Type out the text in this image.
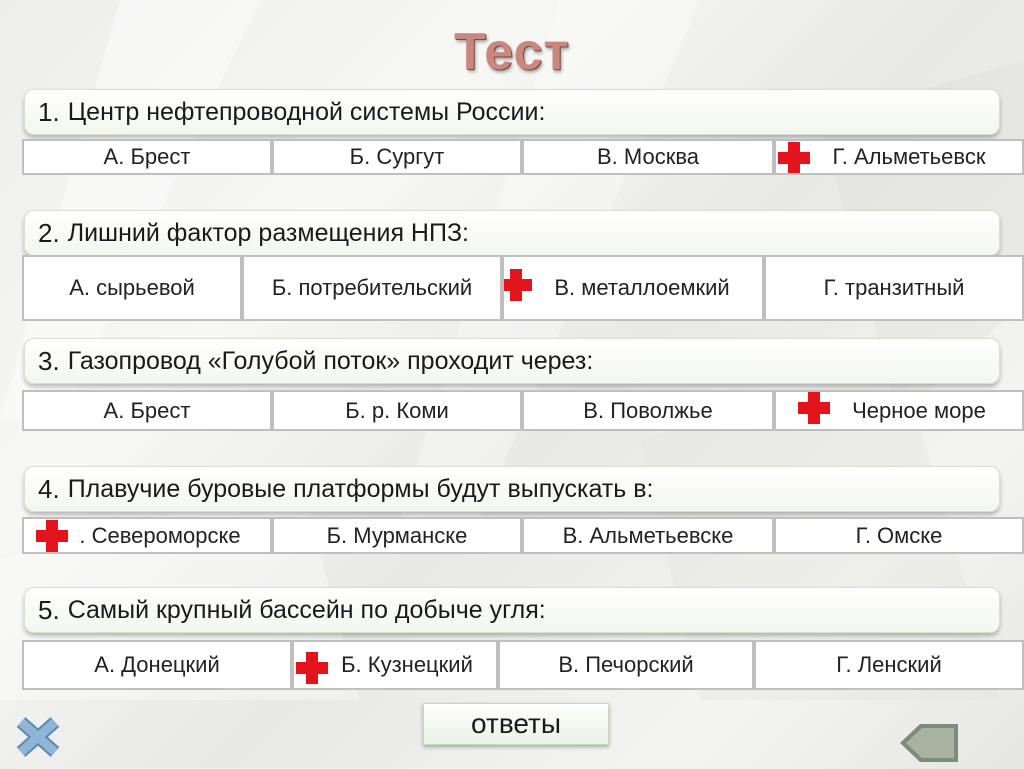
Тест
1. Центр нефтепроводной системы России:
А. Брест	Б. Сургут	В. Москва	Г. Альметьевск
2. Лишний фактор размещения НПЗ:
А. сырьевой	Б. потребительский	В. металлоемкий	Г. транзитный
3. Газопровод «Голубой поток» проходит через:
А. Брест	Б. р. Коми	В. Поволжье	Черное море
4. Плавучие буровые платформы будут выпускать в:
. Североморске	Б. Мурманске	В. Альметьевске	Г. Омске
5. Самый крупный бассейн по добыче угля:
А. Донецкий	Б. Кузнецкий	В. Печорский	Г. Ленский
ответы
